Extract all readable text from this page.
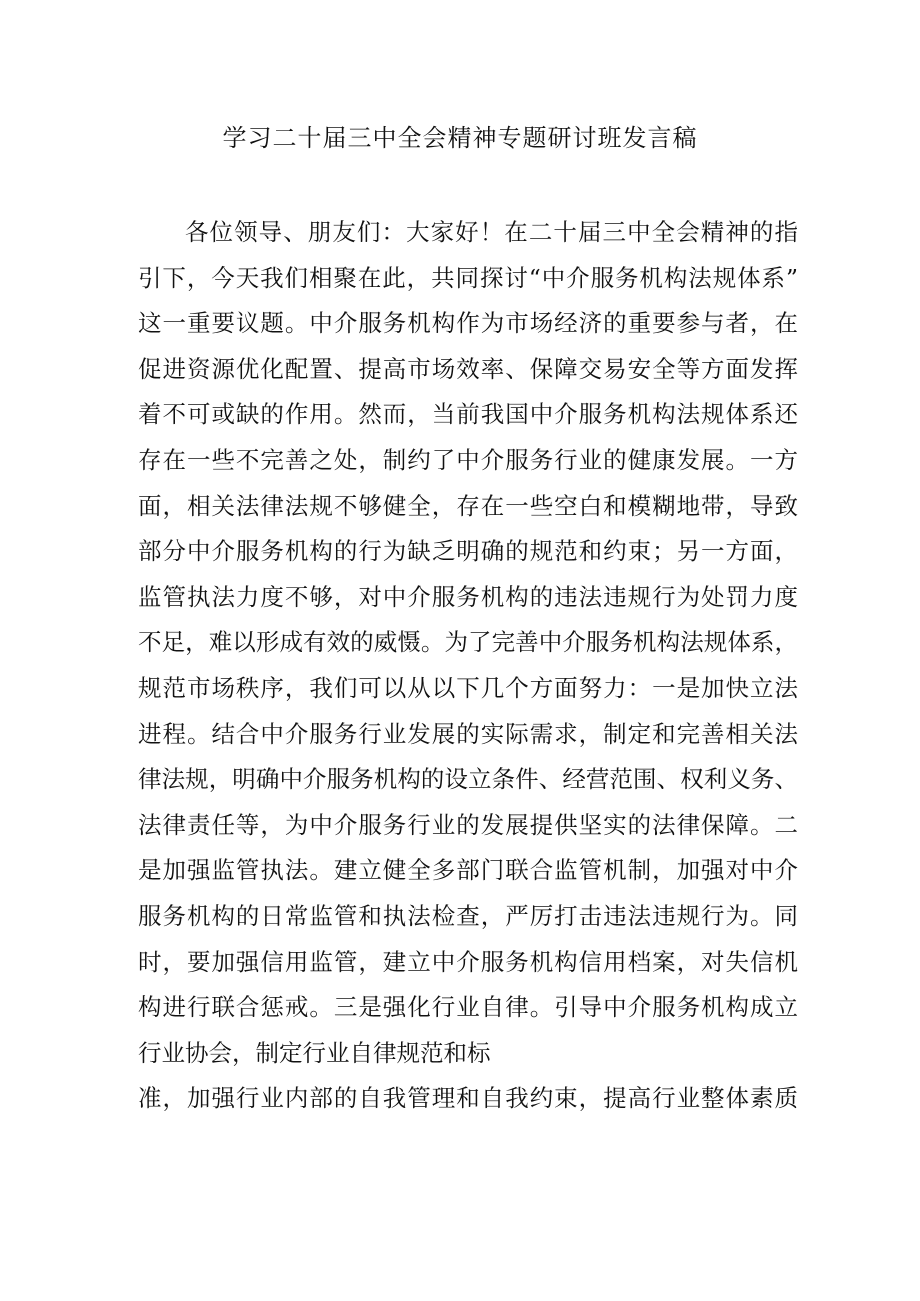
学习二十届三中全会精神专题研讨班发言稿
各位领导、朋友们：大家好！在二十届三中全会精神的指
引下，今天我们相聚在此，共同探讨“中介服务机构法规体系”
这一重要议题。中介服务机构作为市场经济的重要参与者，在
促进资源优化配置、提高市场效率、保障交易安全等方面发挥
着不可或缺的作用。然而，当前我国中介服务机构法规体系还
存在一些不完善之处，制约了中介服务行业的健康发展。一方
面，相关法律法规不够健全，存在一些空白和模糊地带，导致
部分中介服务机构的行为缺乏明确的规范和约束；另一方面，
监管执法力度不够，对中介服务机构的违法违规行为处罚力度
不足，难以形成有效的威慑。为了完善中介服务机构法规体系，
规范市场秩序，我们可以从以下几个方面努力：一是加快立法
进程。结合中介服务行业发展的实际需求，制定和完善相关法
律法规，明确中介服务机构的设立条件、经营范围、权利义务、
法律责任等，为中介服务行业的发展提供坚实的法律保障。二
是加强监管执法。建立健全多部门联合监管机制，加强对中介
服务机构的日常监管和执法检查，严厉打击违法违规行为。同
时，要加强信用监管，建立中介服务机构信用档案，对失信机
构进行联合惩戒。三是强化行业自律。引导中介服务机构成立
行业协会，制定行业自律规范和标
准，加强行业内部的自我管理和自我约束，提高行业整体素质
